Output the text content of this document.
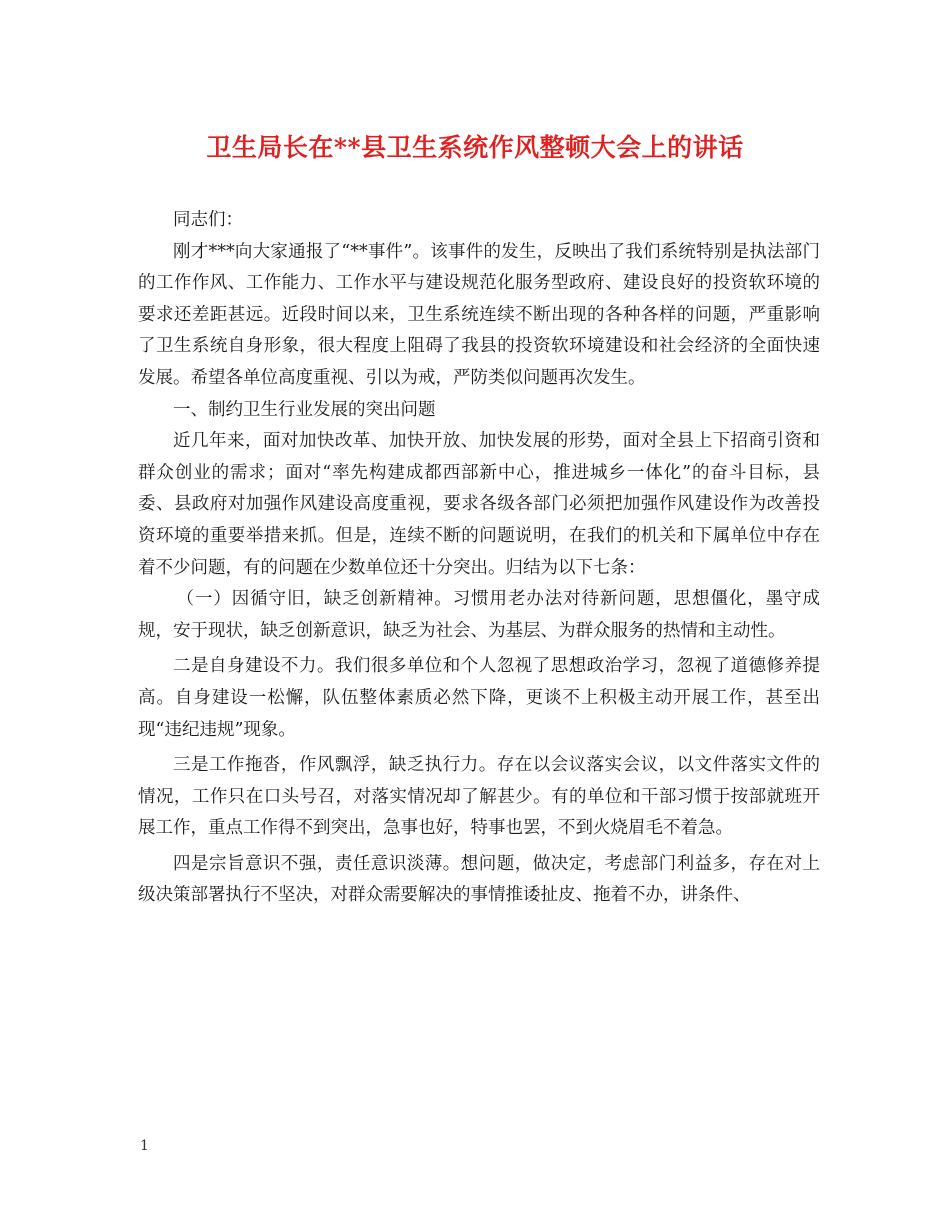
卫生局长在**县卫生系统作风整顿大会上的讲话

同志们：

刚才***向大家通报了“**事件”。该事件的发生，反映出了我们系统特别是执法部门的工作作风、工作能力、工作水平与建设规范化服务型政府、建设良好的投资软环境的要求还差距甚远。近段时间以来，卫生系统连续不断出现的各种各样的问题，严重影响了卫生系统自身形象，很大程度上阻碍了我县的投资软环境建设和社会经济的全面快速发展。希望各单位高度重视、引以为戒，严防类似问题再次发生。

一、制约卫生行业发展的突出问题

近几年来，面对加快改革、加快开放、加快发展的形势，面对全县上下招商引资和群众创业的需求；面对“率先构建成都西部新中心，推进城乡一体化”的奋斗目标，县委、县政府对加强作风建设高度重视，要求各级各部门必须把加强作风建设作为改善投资环境的重要举措来抓。但是，连续不断的问题说明，在我们的机关和下属单位中存在着不少问题，有的问题在少数单位还十分突出。归结为以下七条：

（一）因循守旧，缺乏创新精神。习惯用老办法对待新问题，思想僵化，墨守成规，安于现状，缺乏创新意识，缺乏为社会、为基层、为群众服务的热情和主动性。

二是自身建设不力。我们很多单位和个人忽视了思想政治学习，忽视了道德修养提高。自身建设一松懈，队伍整体素质必然下降，更谈不上积极主动开展工作，甚至出现“违纪违规”现象。

三是工作拖沓，作风飘浮，缺乏执行力。存在以会议落实会议，以文件落实文件的情况，工作只在口头号召，对落实情况却了解甚少。有的单位和干部习惯于按部就班开展工作，重点工作得不到突出，急事也好，特事也罢，不到火烧眉毛不着急。

四是宗旨意识不强，责任意识淡薄。想问题，做决定，考虑部门利益多，存在对上级决策部署执行不坚决，对群众需要解决的事情推诿扯皮、拖着不办，讲条件、

1
